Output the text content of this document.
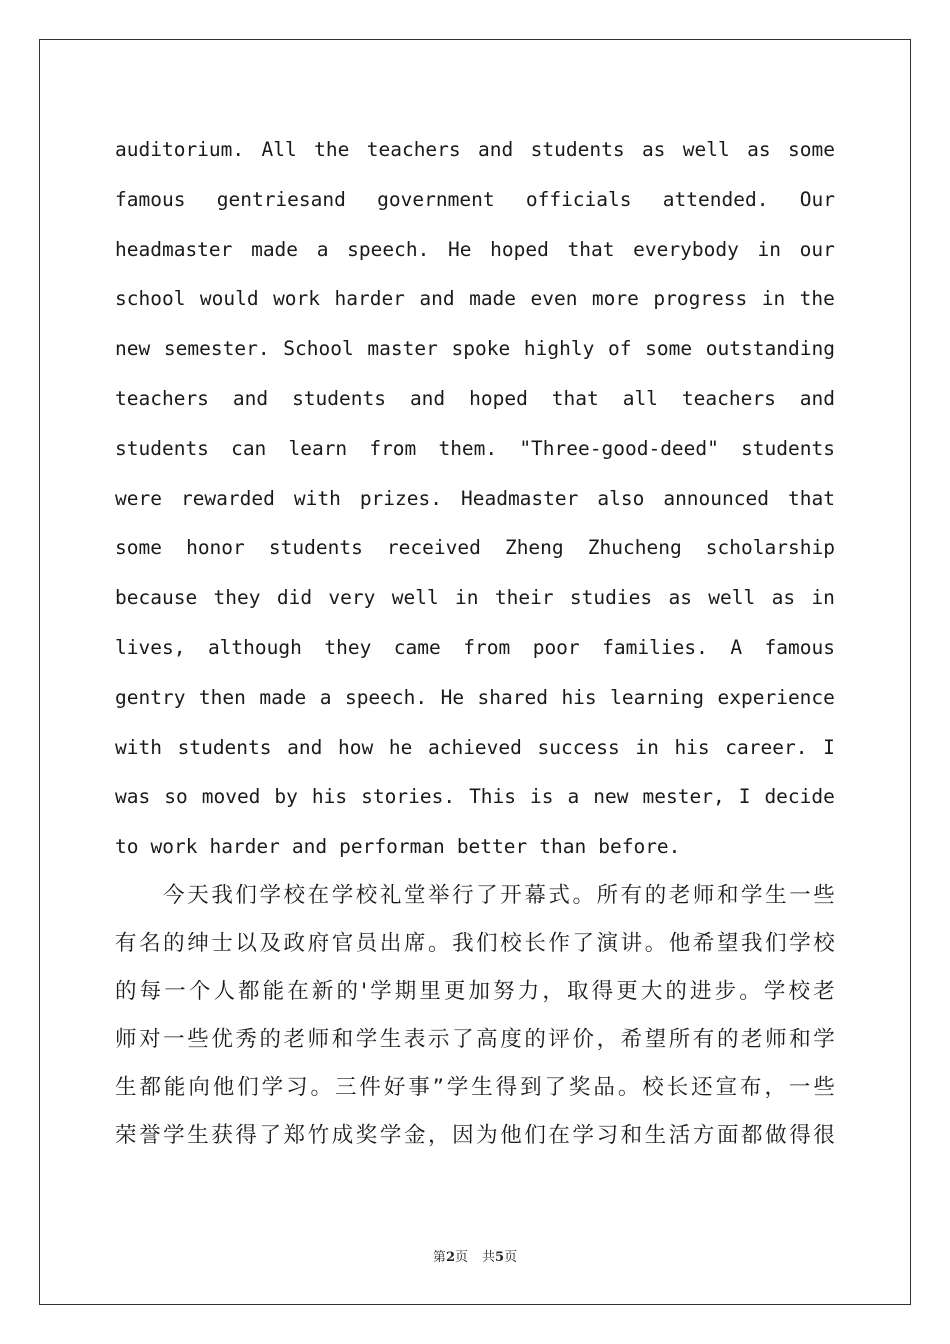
auditorium. All the teachers and students as well as some
famous gentriesand government officials attended. Our
headmaster made a speech. He hoped that everybody in our
school would work harder and made even more progress in the
new semester. School master spoke highly of some outstanding
teachers and students and hoped that all teachers and
students can learn from them. "Three-good-deed" students
were rewarded with prizes. Headmaster also announced that
some honor students received Zheng Zhucheng scholarship
because they did very well in their studies as well as in
lives, although they came from poor families. A famous
gentry then made a speech. He shared his learning experience
with students and how he achieved success in his career. I
was so moved by his stories. This is a new mester, I decide
to work harder and performan better than before.

今 天 我 们 学 校 在 学 校 礼 堂 举 行 了 开 幕 式 。 所 有 的 老 师 和 学 生 一 些
有 名 的 绅 士 以 及 政 府 官 员 出 席 。 我 们 校 长 作 了 演 讲 。 他 希 望 我 们 学 校
的 每 一 个 人 都 能 在 新 的 ' 学 期 里 更 加 努 力 ， 取 得 更 大 的 进 步 。 学 校 老
师 对 一 些 优 秀 的 老 师 和 学 生 表 示 了 高 度 的 评 价 ， 希 望 所 有 的 老 师 和 学
生 都 能 向 他 们 学 习 。 三 件 好 事 ” 学 生 得 到 了 奖 品 。 校 长 还 宣 布 ， 一 些
荣 誉 学 生 获 得 了 郑 竹 成 奖 学 金 ， 因 为 他 们 在 学 习 和 生 活 方 面 都 做 得 很
第2页 共5页
